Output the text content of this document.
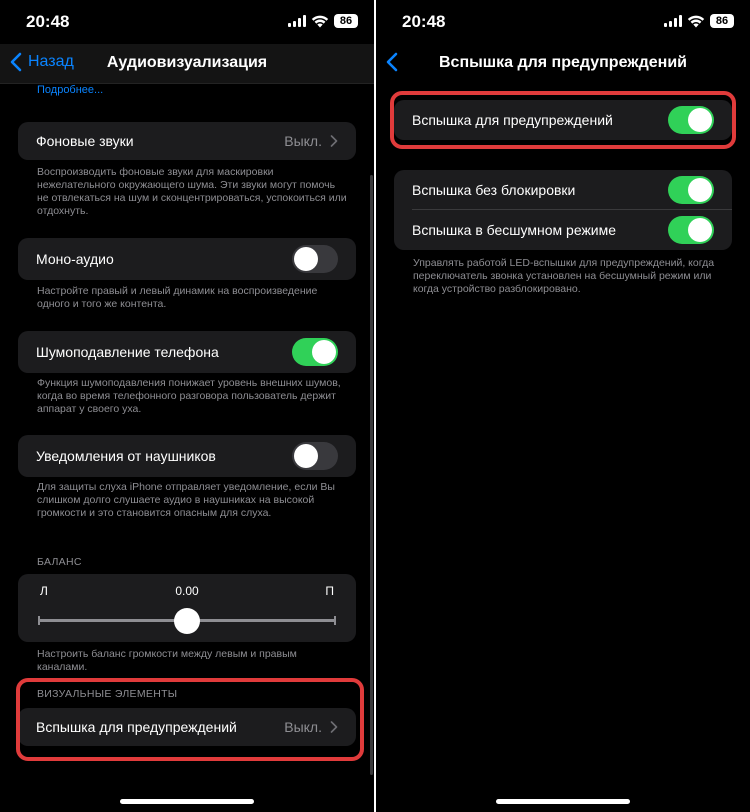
20:48	86
Назад	Аудиовизуализация
Подробнее...
Фоновые звуки	Выкл.
Воспроизводить фоновые звуки для маскировки нежелательного окружающего шума. Эти звуки могут помочь не отвлекаться на шум и сконцентрироваться, успокоиться или отдохнуть.
Моно-аудио
Настройте правый и левый динамик на воспроизведение одного и того же контента.
Шумоподавление телефона
Функция шумоподавления понижает уровень внешних шумов, когда во время телефонного разговора пользователь держит аппарат у своего уха.
Уведомления от наушников
Для защиты слуха iPhone отправляет уведомление, если Вы слишком долго слушаете аудио в наушниках на высокой громкости и это становится опасным для слуха.
БАЛАНС
Л	0.00	П
Настроить баланс громкости между левым и правым каналами.
ВИЗУАЛЬНЫЕ ЭЛЕМЕНТЫ
Вспышка для предупреждений	Выкл.
20:48	86
Вспышка для предупреждений
Вспышка для предупреждений
Вспышка без блокировки
Вспышка в бесшумном режиме
Управлять работой LED-вспышки для предупреждений, когда переключатель звонка установлен на бесшумный режим или когда устройство разблокировано.
